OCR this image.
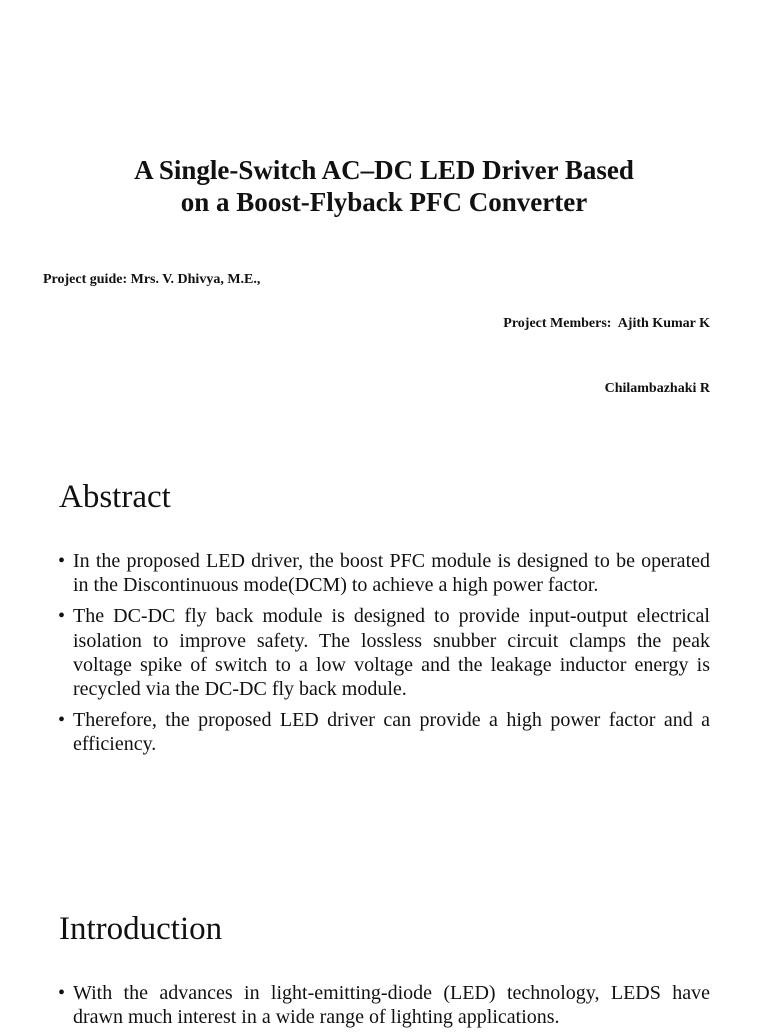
A Single-Switch AC–DC LED Driver Based
on a Boost-Flyback PFC Converter

Project guide: Mrs. V. Dhivya, M.E.,

Project Members:  Ajith Kumar K

Chilambazhaki R

Abstract
• In the proposed LED driver, the boost PFC module is designed to be operated in the Discontinuous mode(DCM) to achieve a high power factor.
• The DC-DC fly back module is designed to provide input-output electrical isolation to improve safety. The lossless snubber circuit clamps the peak voltage spike of switch to a low voltage and the leakage inductor energy is recycled via the DC-DC fly back module.
• Therefore, the proposed LED driver can provide a high power factor and a efficiency.
Introduction
• With the advances in light-emitting-diode (LED) technology, LEDS have drawn much interest in a wide range of lighting applications.
